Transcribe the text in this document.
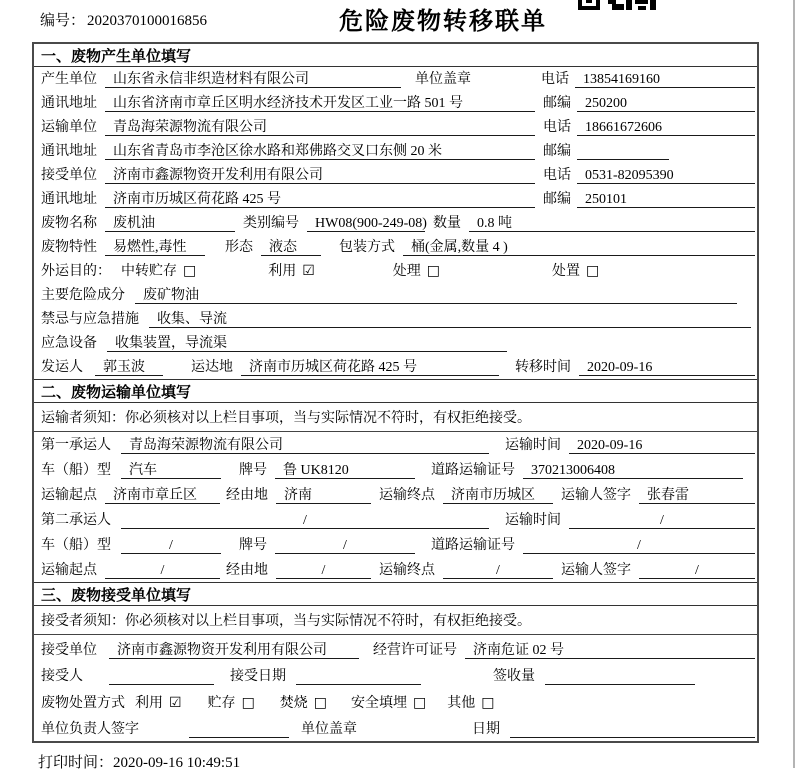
编号： 2020370100016856	危险废物转移联单
一、废物产生单位填写
产生单位	山东省永信非织造材料有限公司	单位盖章	电话	13854169160
通讯地址	山东省济南市章丘区明水经济技术开发区工业一路 501 号	邮编	250200
运输单位	青岛海荣源物流有限公司	电话	18661672606
通讯地址	山东省青岛市李沧区徐水路和郑佛路交叉口东侧 20 米	邮编
接受单位	济南市鑫源物资开发利用有限公司	电话	0531-82095390
通讯地址	济南市历城区荷花路 425 号	邮编	250101
废物名称	废机油	类别编号	HW08(900-249-08) 数量	0.8 吨
废物特性	易燃性,毒性	形态	液态	包装方式	桶(金属,数量 4 )
外运目的： 中转贮存 □	利用 ☑	处理 □	处置 □
主要危险成分	废矿物油
禁忌与应急措施	收集、导流
应急设备	收集装置，导流渠
发运人	郭玉波	运达地	济南市历城区荷花路 425 号	转移时间	2020-09-16
二、废物运输单位填写
运输者须知：你必须核对以上栏目事项，当与实际情况不符时，有权拒绝接受。
第一承运人	青岛海荣源物流有限公司	运输时间	2020-09-16
车（船）型	汽车	牌号	鲁 UK8120	道路运输证号	370213006408
运输起点	济南市章丘区	经由地	济南	运输终点	济南市历城区	运输人签字	张春雷
第二承运人	/	运输时间	/
车（船）型	/	牌号	/	道路运输证号	/
运输起点	/	经由地	/	运输终点	/	运输人签字	/
三、废物接受单位填写
接受者须知：你必须核对以上栏目事项，当与实际情况不符时，有权拒绝接受。
接受单位	济南市鑫源物资开发利用有限公司	经营许可证号	济南危证 02 号
接受人	接受日期	签收量
废物处置方式 利用 ☑ 贮存 □ 焚烧 □ 安全填埋 □ 其他 □
单位负责人签字	单位盖章	日期
打印时间：2020-09-16 10:49:51
